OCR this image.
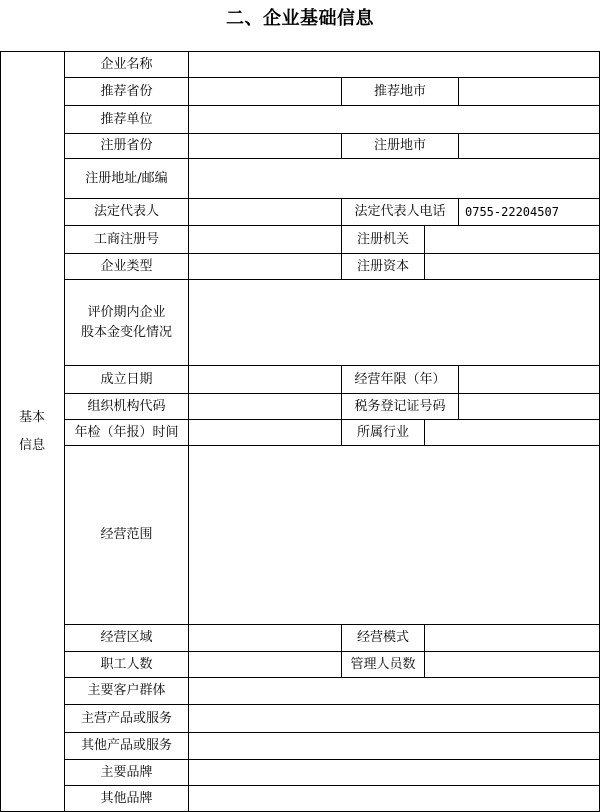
二、企业基础信息
基本
信息
企业名称
推荐省份	推荐地市
推荐单位
注册省份	注册地市
注册地址/邮编
法定代表人	法定代表人电话	0755-22204507
工商注册号	注册机关
企业类型	注册资本
评价期内企业
股本金变化情况
成立日期	经营年限（年）
组织机构代码	税务登记证号码
年检（年报）时间	所属行业
经营范围
经营区域	经营模式
职工人数	管理人员数
主要客户群体
主营产品或服务
其他产品或服务
主要品牌
其他品牌
